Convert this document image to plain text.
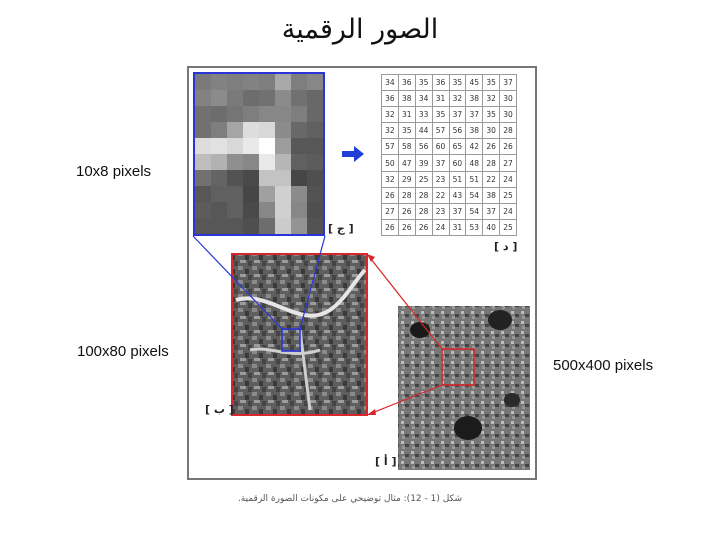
الصور الرقمية
10x8 pixels
100x80 pixels
500x400 pixels
34	36	35	36	35	45	35	37
36	38	34	31	32	38	32	30
32	31	33	35	37	37	35	30
32	35	44	57	56	38	30	28
57	58	56	60	65	42	26	26
50	47	39	37	60	48	28	27
32	29	25	23	51	51	22	24
26	28	28	22	43	54	38	25
27	26	28	23	37	54	37	24
26	26	26	24	31	53	40	25
[ ج ]
[ د ]
[ ب ]
[ أ ]
شكل (1 - 12): مثال توضيحي على مكونات الصورة الرقمية.
